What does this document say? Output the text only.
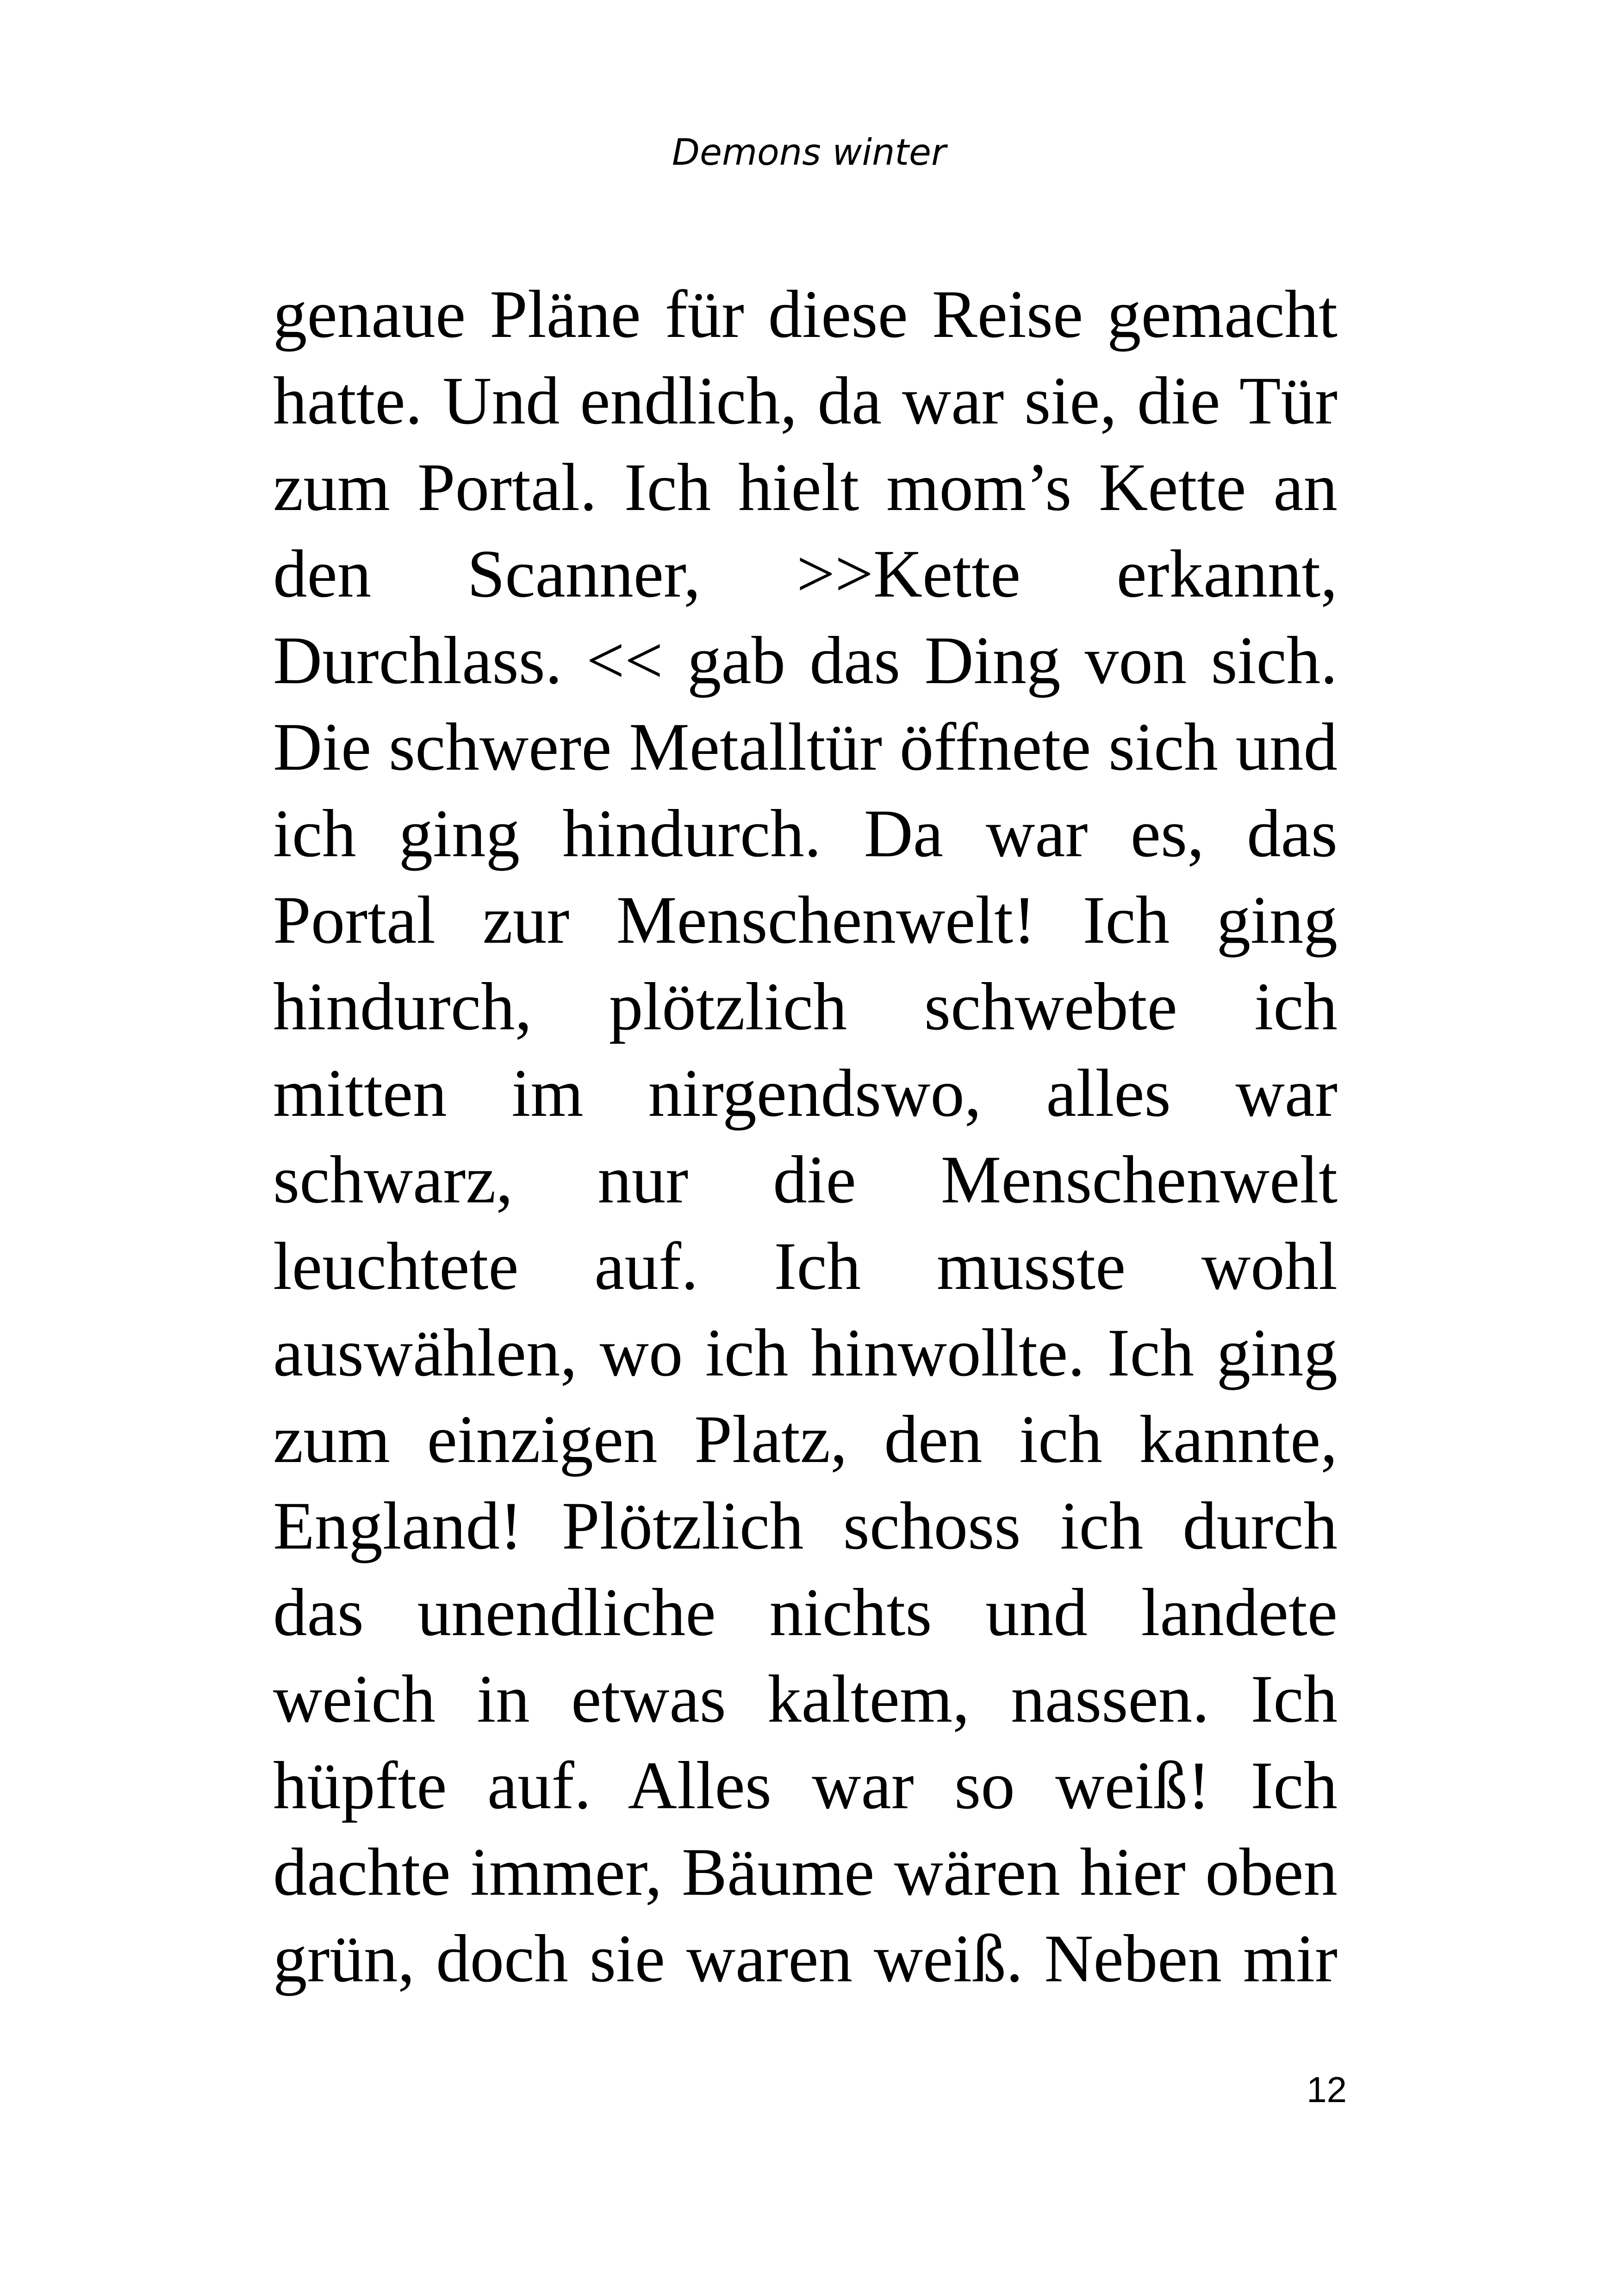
Demons winter
genaue Pläne für diese Reise gemacht
hatte. Und endlich, da war sie, die Tür
zum Portal. Ich hielt mom’s Kette an
den Scanner, >>Kette erkannt,
Durchlass. << gab das Ding von sich.
Die schwere Metalltür öffnete sich und
ich ging hindurch. Da war es, das
Portal zur Menschenwelt! Ich ging
hindurch, plötzlich schwebte ich
mitten im nirgendswo, alles war
schwarz, nur die Menschenwelt
leuchtete auf. Ich musste wohl
auswählen, wo ich hinwollte. Ich ging
zum einzigen Platz, den ich kannte,
England! Plötzlich schoss ich durch
das unendliche nichts und landete
weich in etwas kaltem, nassen. Ich
hüpfte auf. Alles war so weiß! Ich
dachte immer, Bäume wären hier oben
grün, doch sie waren weiß. Neben mir
12
